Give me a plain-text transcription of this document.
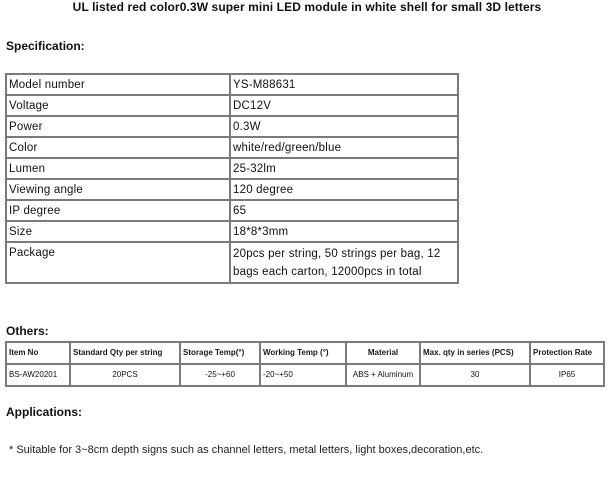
UL listed red color0.3W super mini LED module in white shell for small 3D letters
Specification:
Model number	YS-M88631
Voltage	DC12V
Power	0.3W
Color	white/red/green/blue
Lumen	25-32lm
Viewing angle	120 degree
IP degree	65
Size	18*8*3mm
Package	20pcs per string, 50 strings per bag, 12
bags each carton, 12000pcs in total
Others:
Item No	Standard Qty per string	Storage Temp(°)	Working Temp (°)	Material	Max. qty in series (PCS)	Protection Rate
BS-AW20201	20PCS	-25~+60	-20~+50	ABS + Aluminum	30	IP65
Applications:
* Suitable for 3~8cm depth signs such as channel letters, metal letters, light boxes,decoration,etc.
